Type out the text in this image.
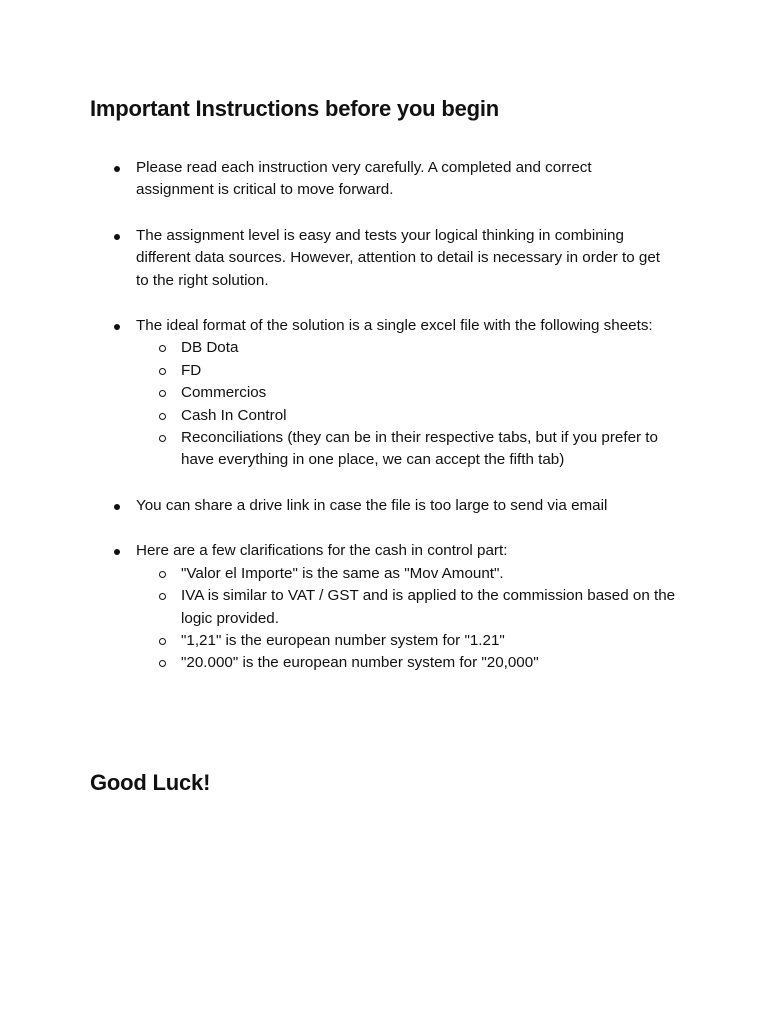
Important Instructions before you begin
Please read each instruction very carefully. A completed and correct assignment is critical to move forward.
The assignment level is easy and tests your logical thinking in combining different data sources. However, attention to detail is necessary in order to get to the right solution.
The ideal format of the solution is a single excel file with the following sheets:
DB Dota
FD
Commercios
Cash In Control
Reconciliations (they can be in their respective tabs, but if you prefer to have everything in one place, we can accept the fifth tab)
You can share a drive link in case the file is too large to send via email
Here are a few clarifications for the cash in control part:
"Valor el Importe" is the same as "Mov Amount".
IVA is similar to VAT / GST and is applied to the commission based on the logic provided.
"1,21" is the european number system for "1.21"
"20.000" is the european number system for "20,000"
Good Luck!
